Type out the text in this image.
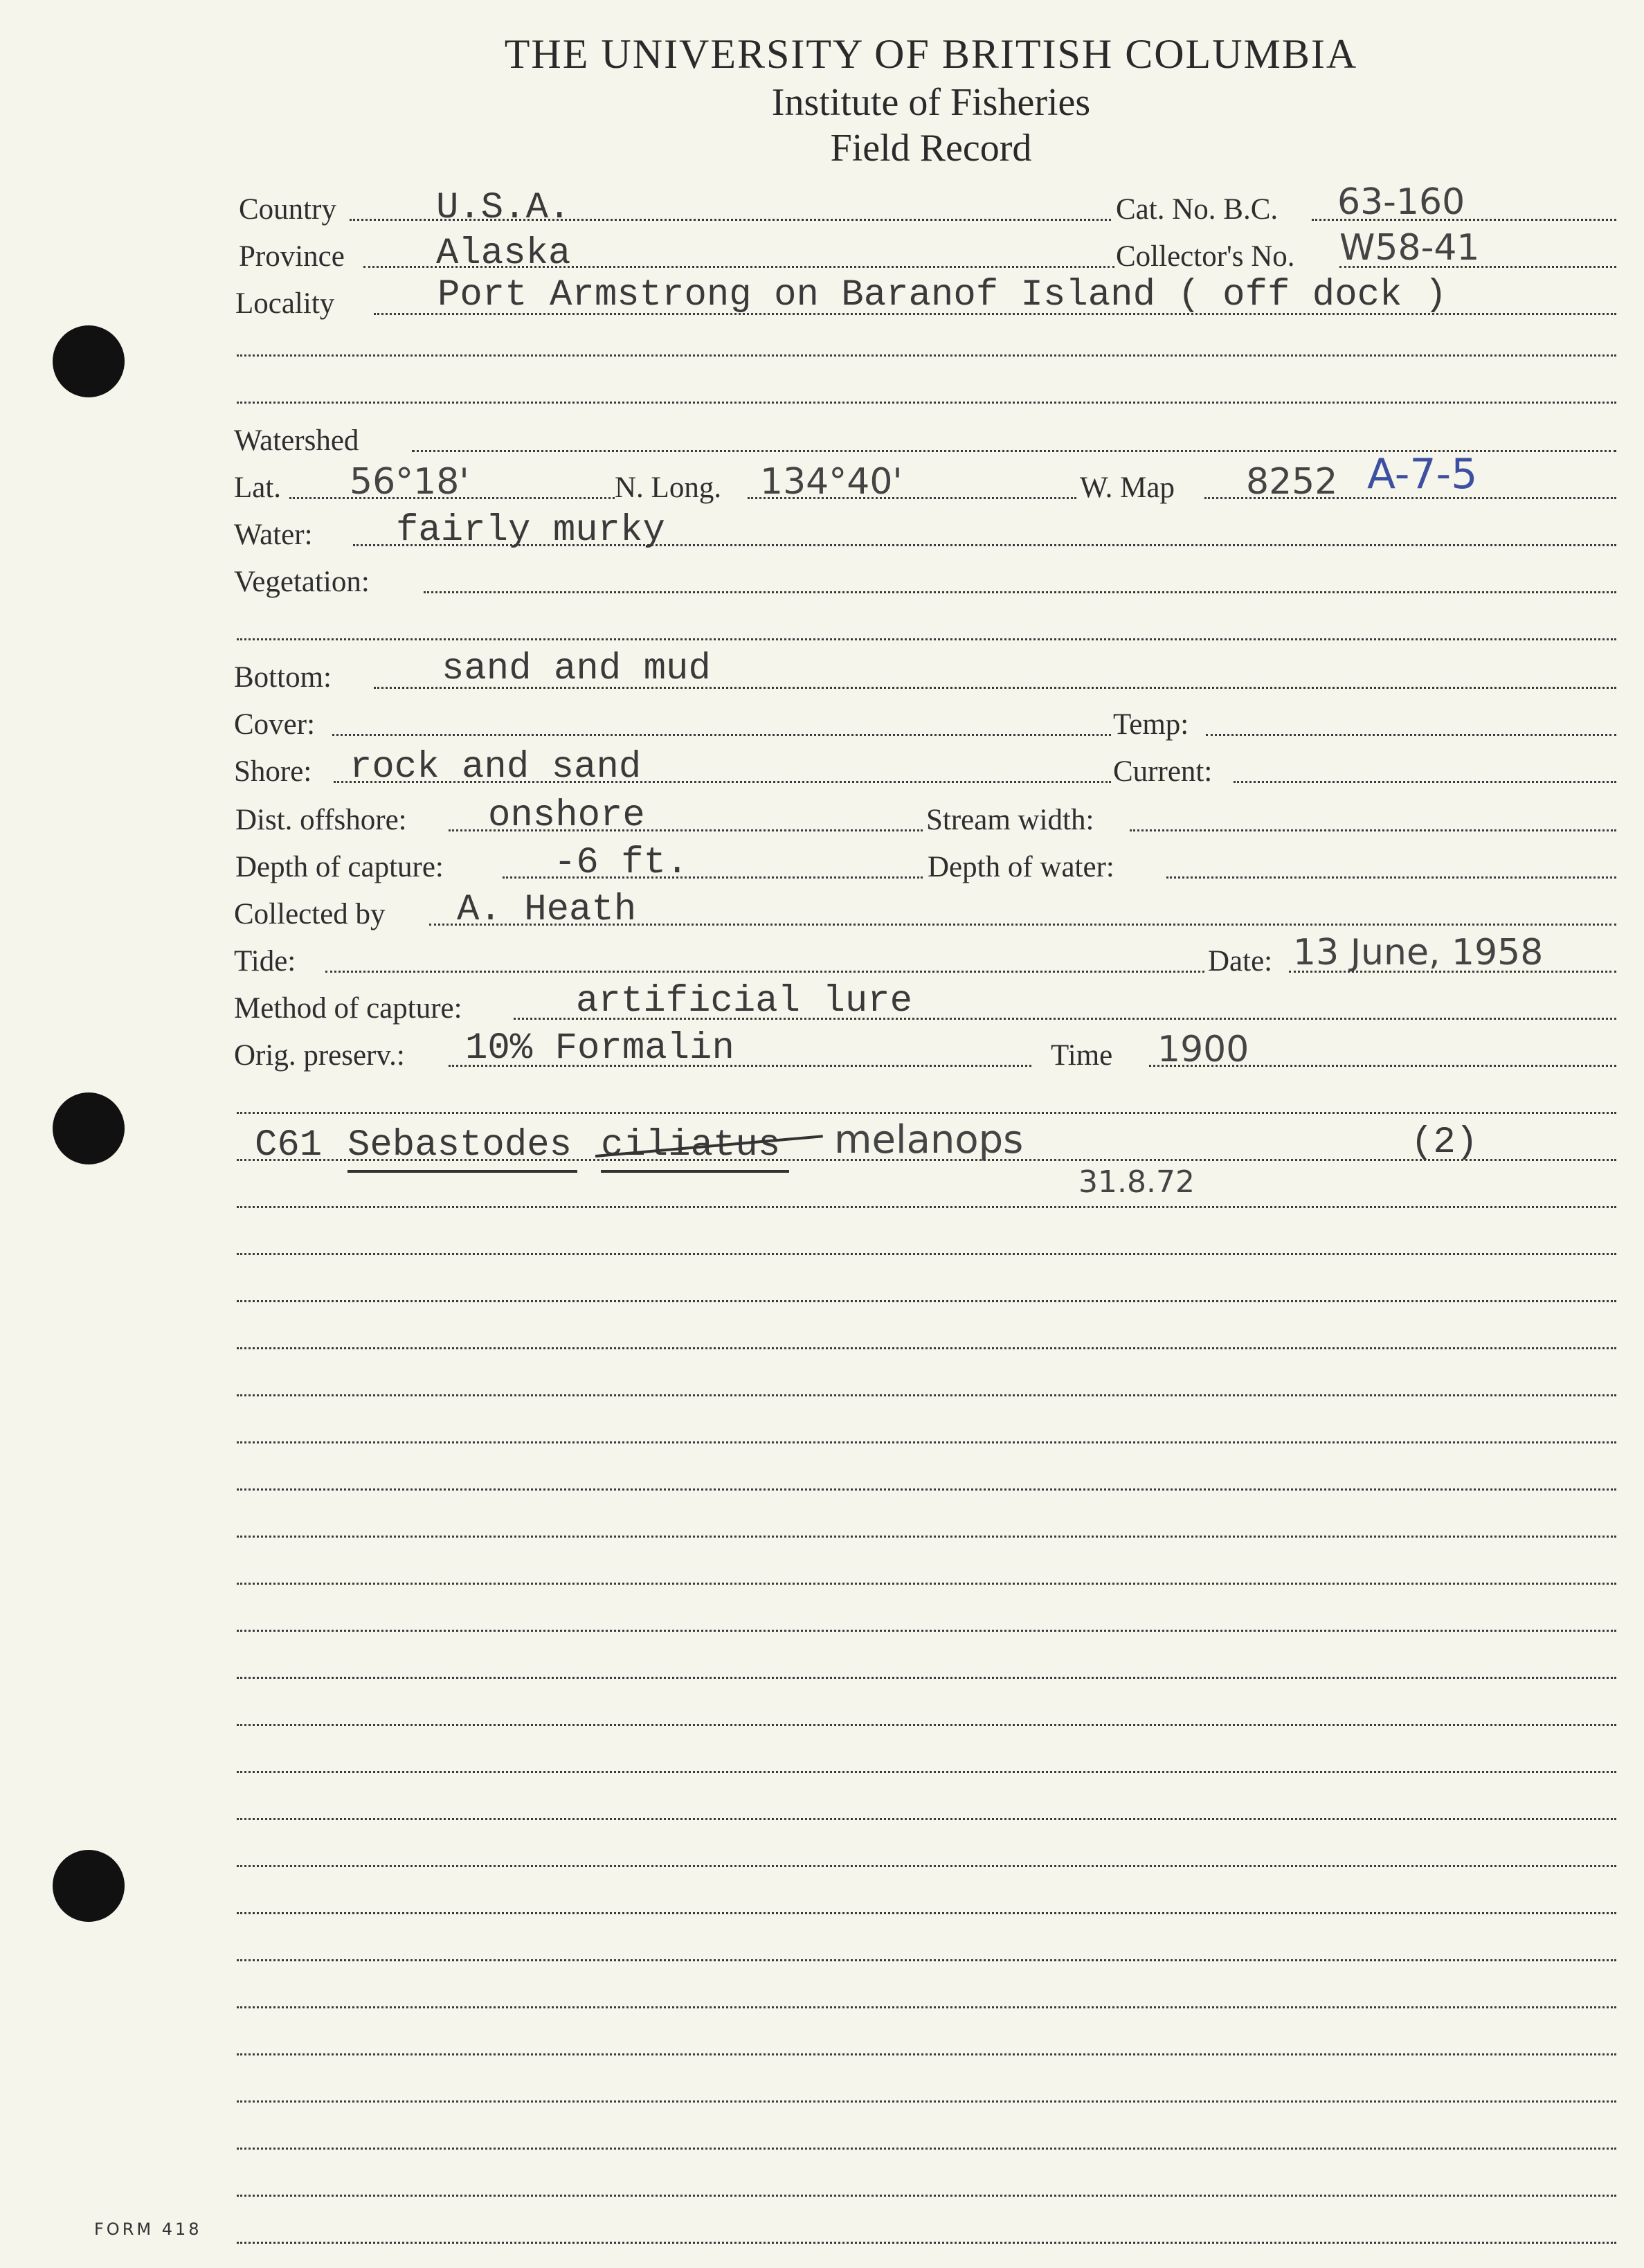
THE UNIVERSITY OF BRITISH COLUMBIA
Institute of Fisheries
Field Record
Country	U.S.A.	Cat. No. B.C. 63-160
Province Alaska	Collector's No. W58-41
Locality	Port Armstrong on Baranof Island ( off dock )
Watershed
Lat. 56°18'	N. Long. 134°40'	W. Map 8252 A-7-5
Water: fairly murky
Vegetation:
Bottom:	sand and mud
Cover:	Temp:
Shore: rock and sand	Current:
Dist. offshore: onshore	Stream width:
Depth of capture:	-6 ft.	Depth of water:
Collected by A. Heath
Tide:	Date: 13 June, 1958
Method of capture:	artificial lure
Orig. preserv.: 10% Formalin	Time 1900
C61 Sebastodes ciliatus melanops
31.8.72
(2)
FORM 418
